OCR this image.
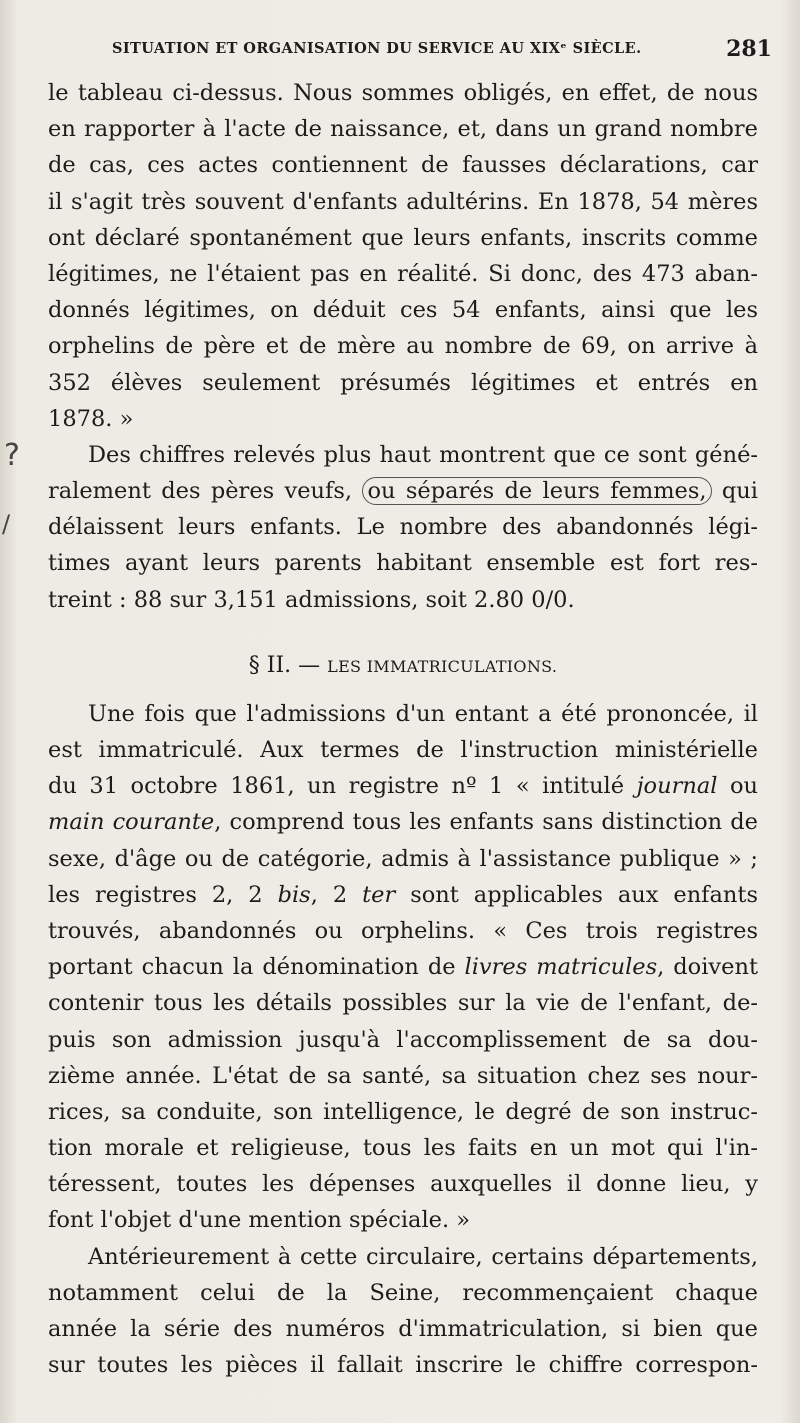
SITUATION ET ORGANISATION DU SERVICE AU XIXᵉ SIÈCLE.	281
?
/
le tableau ci-dessus. Nous sommes obligés, en effet, de nous
en rapporter à l'acte de naissance, et, dans un grand nombre
de cas, ces actes contiennent de fausses déclarations, car
il s'agit très souvent d'enfants adultérins. En 1878, 54 mères
ont déclaré spontanément que leurs enfants, inscrits comme
légitimes, ne l'étaient pas en réalité. Si donc, des 473 aban-
donnés légitimes, on déduit ces 54 enfants, ainsi que les
orphelins de père et de mère au nombre de 69, on arrive à
352 élèves seulement présumés légitimes et entrés en
1878. »
Des chiffres relevés plus haut montrent que ce sont géné-
ralement des pères veufs, ou séparés de leurs femmes, qui
délaissent leurs enfants. Le nombre des abandonnés légi-
times ayant leurs parents habitant ensemble est fort res-
treint : 88 sur 3,151 admissions, soit 2.80 0/0.
§ II. — LES IMMATRICULATIONS.
Une fois que l'admissions d'un entant a été prononcée, il
est immatriculé. Aux termes de l'instruction ministérielle
du 31 octobre 1861, un registre nº 1 « intitulé journal ou
main courante, comprend tous les enfants sans distinction de
sexe, d'âge ou de catégorie, admis à l'assistance publique » ;
les registres 2, 2 bis, 2 ter sont applicables aux enfants
trouvés, abandonnés ou orphelins. « Ces trois registres
portant chacun la dénomination de livres matricules, doivent
contenir tous les détails possibles sur la vie de l'enfant, de-
puis son admission jusqu'à l'accomplissement de sa dou-
zième année. L'état de sa santé, sa situation chez ses nour-
rices, sa conduite, son intelligence, le degré de son instruc-
tion morale et religieuse, tous les faits en un mot qui l'in-
téressent, toutes les dépenses auxquelles il donne lieu, y
font l'objet d'une mention spéciale. »
Antérieurement à cette circulaire, certains départements,
notamment celui de la Seine, recommençaient chaque
année la série des numéros d'immatriculation, si bien que
sur toutes les pièces il fallait inscrire le chiffre correspon-
